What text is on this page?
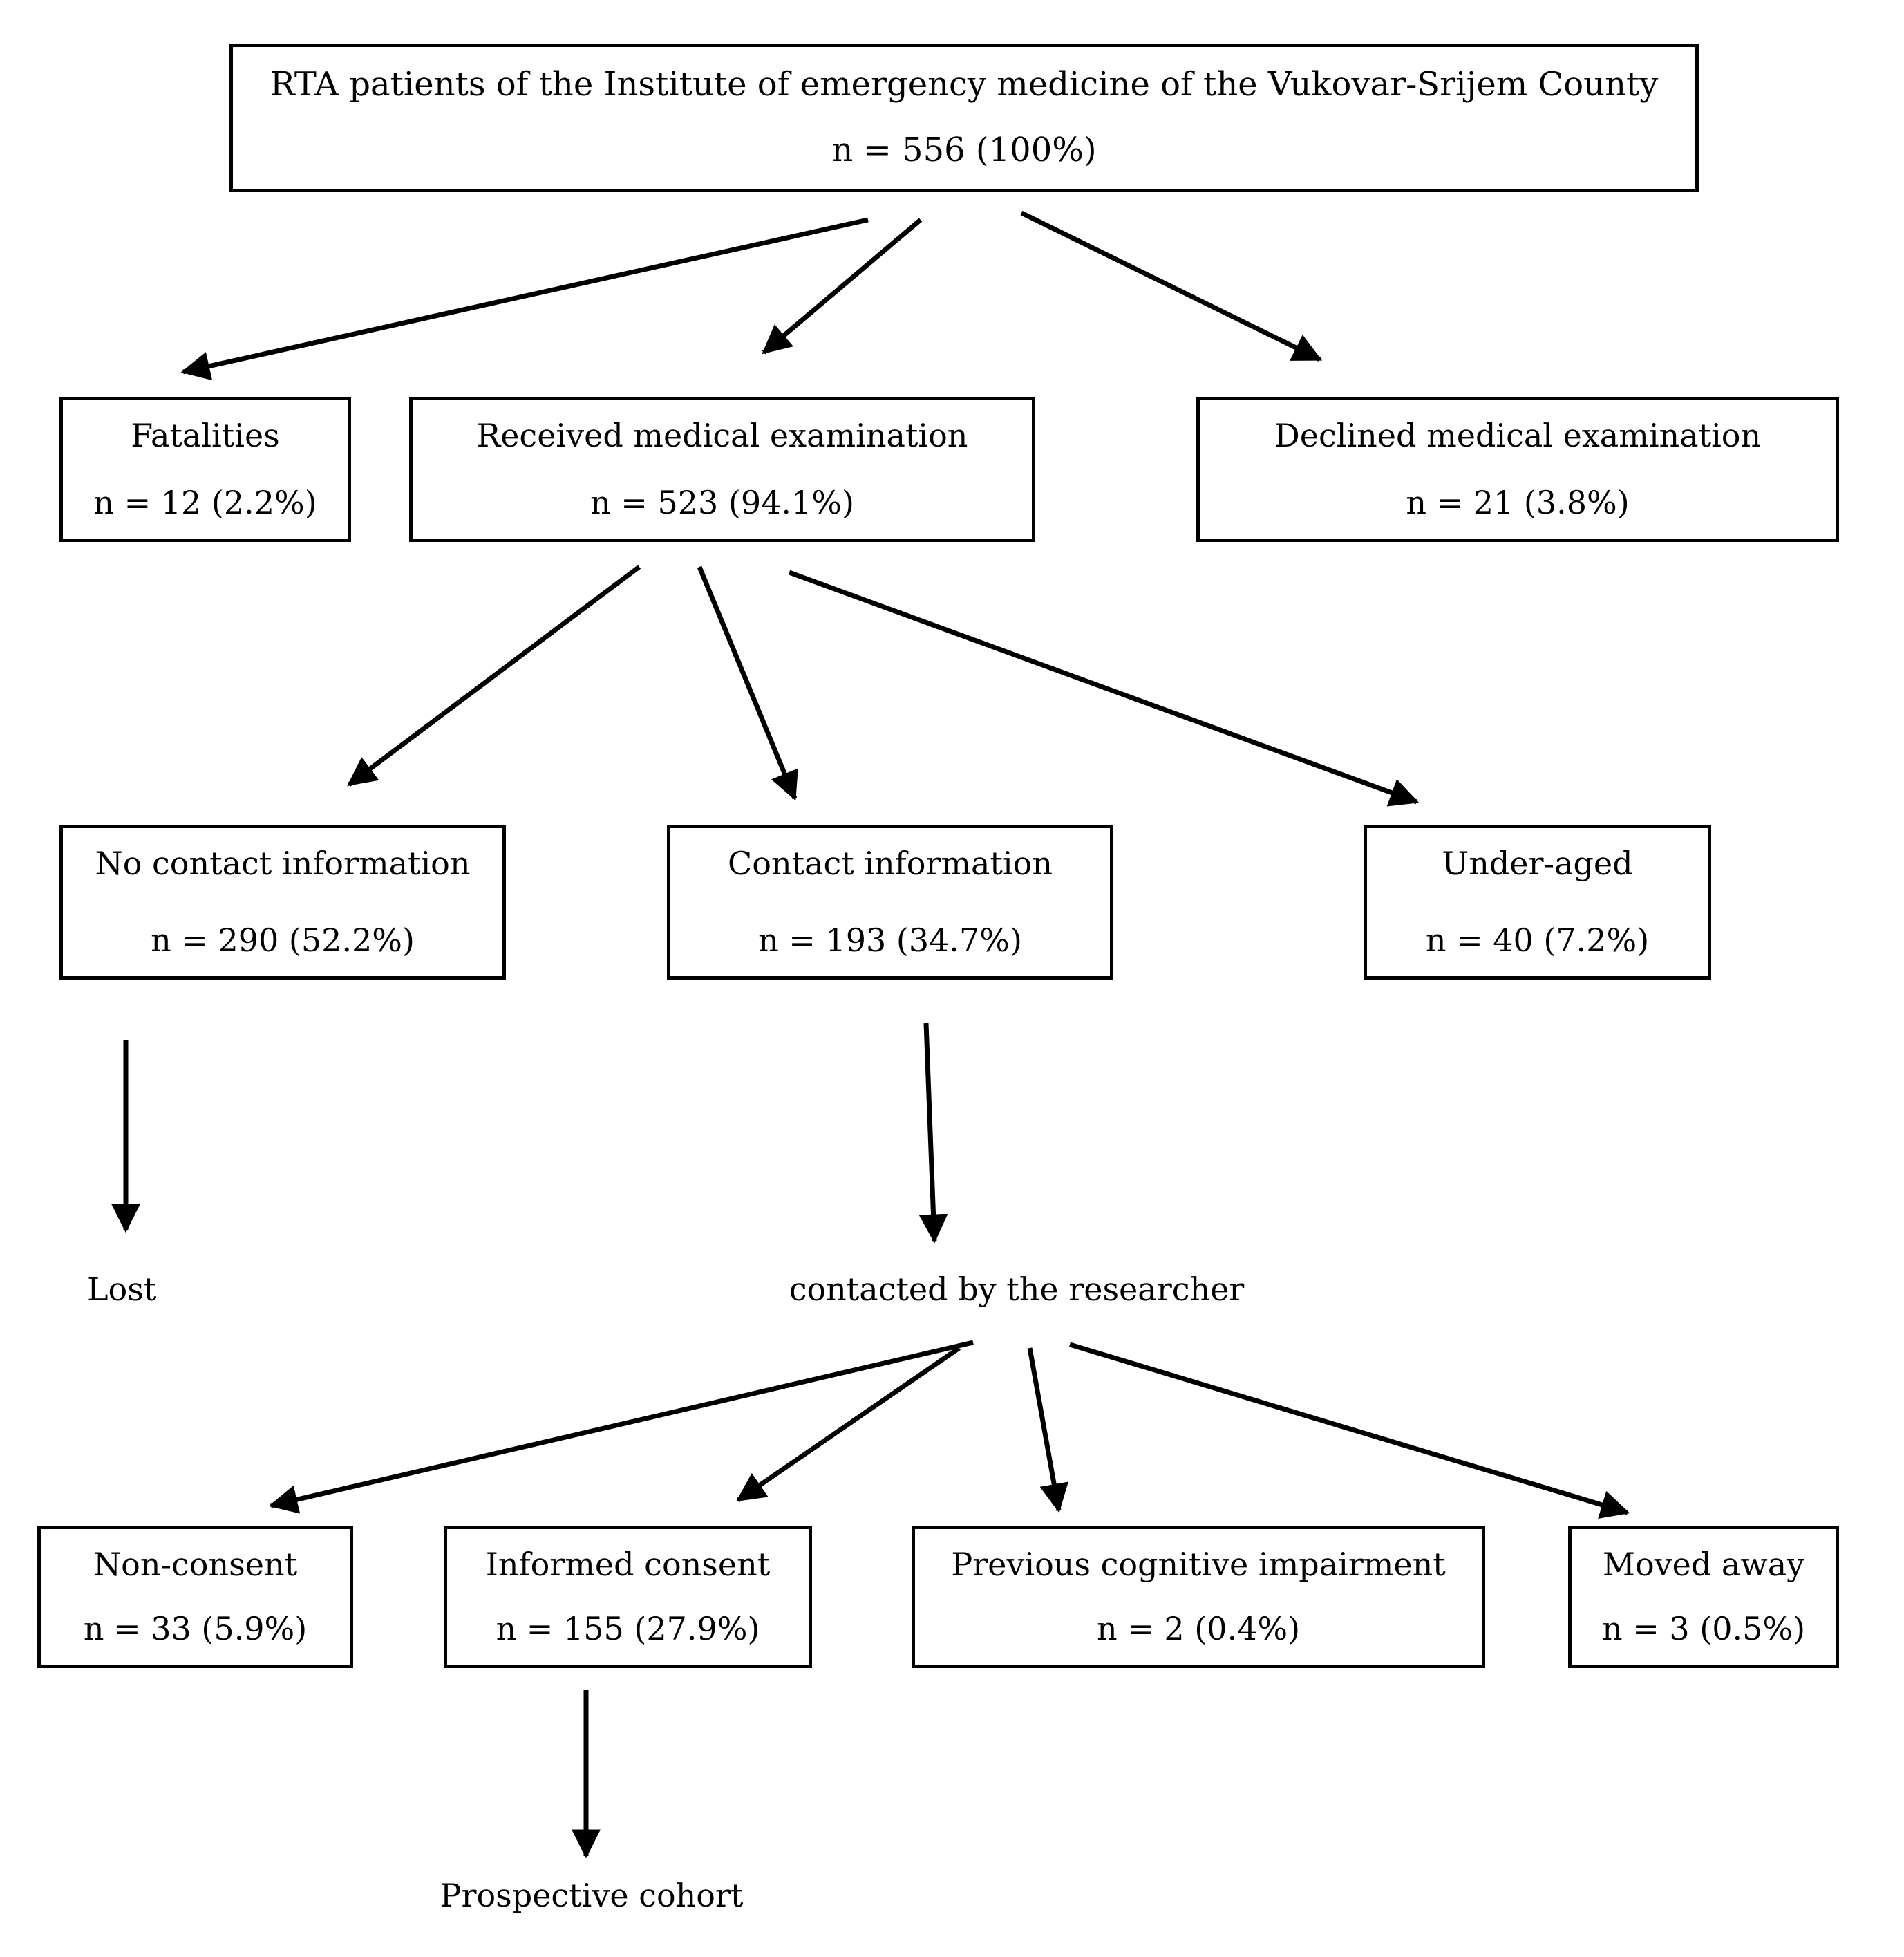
RTA patients of the Institute of emergency medicine of the Vukovar-Srijem County
n = 556 (100%)
Fatalities
n = 12 (2.2%)
Received medical examination
n = 523 (94.1%)
Declined medical examination
n = 21 (3.8%)
No contact information
n = 290 (52.2%)
Contact information
n = 193 (34.7%)
Under-aged
n = 40 (7.2%)
Lost	contacted by the researcher
Non-consent
n = 33 (5.9%)
Informed consent
n = 155 (27.9%)
Previous cognitive impairment
n = 2 (0.4%)
Moved away
n = 3 (0.5%)
Prospective cohort
